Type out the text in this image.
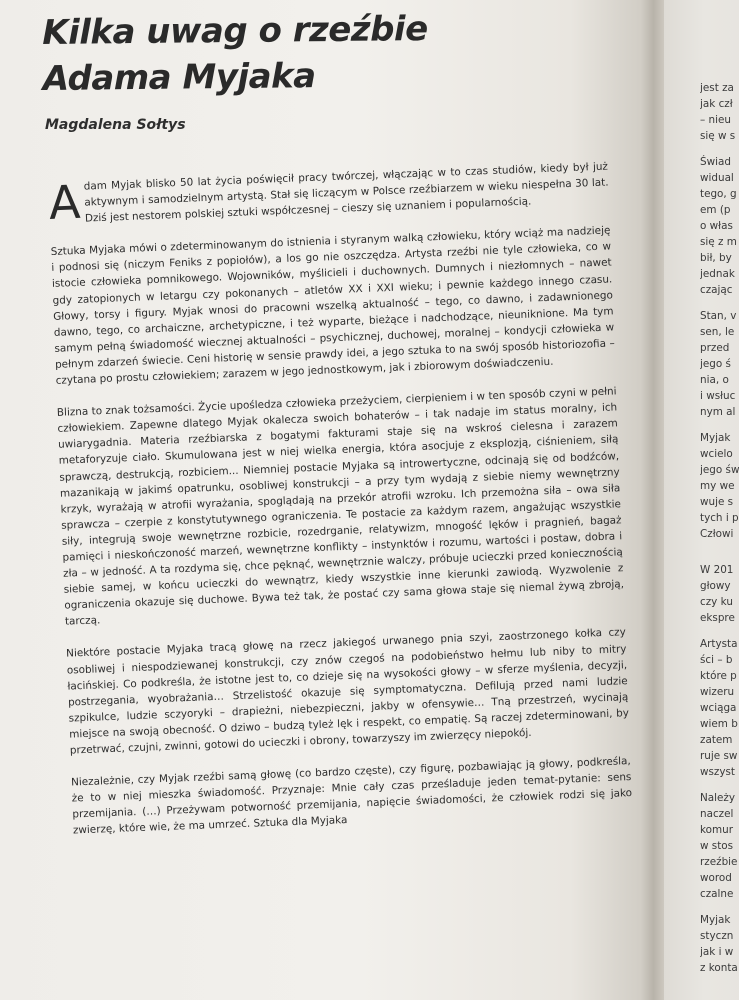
Kilka uwag o rzeźbie
Adama Myjaka

Magdalena Sołtys

Adam Myjak blisko 50 lat życia poświęcił pracy twórczej, włączając w to czas studiów, kiedy był już aktywnym i samodzielnym artystą. Stał się liczącym w Polsce rzeźbiarzem w wieku niespełna 30 lat. Dziś jest nestorem polskiej sztuki współczesnej – cieszy się uznaniem i popularnością.

Sztuka Myjaka mówi o zdeterminowanym do istnienia i styranym walką człowieku, który wciąż ma nadzieję i podnosi się (niczym Feniks z popiołów), a los go nie oszczędza. Artysta rzeźbi nie tyle człowieka, co w istocie człowieka pomnikowego. Wojowników, myślicieli i duchownych. Dumnych i niezłomnych – nawet gdy zatopionych w letargu czy pokonanych – atletów XX i XXI wieku; i pewnie każdego innego czasu. Głowy, torsy i figury. Myjak wnosi do pracowni wszelką aktualność – tego, co dawno, i zadawnionego dawno, tego, co archaiczne, archetypiczne, i też wyparte, bieżące i nadchodzące, nieuniknione. Ma tym samym pełną świadomość wiecznej aktualności – psychicznej, duchowej, moralnej – kondycji człowieka w pełnym zdarzeń świecie. Ceni historię w sensie prawdy idei, a jego sztuka to na swój sposób historiozofia – czytana po prostu człowiekiem; zarazem w jego jednostkowym, jak i zbiorowym doświadczeniu.

Blizna to znak tożsamości. Życie upośledza człowieka przeżyciem, cierpieniem i w ten sposób czyni w pełni człowiekiem. Zapewne dlatego Myjak okalecza swoich bohaterów – i tak nadaje im status moralny, ich uwiarygadnia. Materia rzeźbiarska z bogatymi fakturami staje się na wskroś cielesna i zarazem metaforyzuje ciało. Skumulowana jest w niej wielka energia, która asocjuje z eksplozją, ciśnieniem, siłą sprawczą, destrukcją, rozbiciem... Niemniej postacie Myjaka są introwertyczne, odcinają się od bodźców, mazanikają w jakimś opatrunku, osobliwej konstrukcji – a przy tym wydają z siebie niemy wewnętrzny krzyk, wyrażają w atrofii wyrażania, spoglądają na przekór atrofii wzroku. Ich przemożna siła – owa siła sprawcza – czerpie z konstytutywnego ograniczenia. Te postacie za każdym razem, angażując wszystkie siły, integrują swoje wewnętrzne rozbicie, rozedrganie, relatywizm, mnogość lęków i pragnień, bagaż pamięci i nieskończoność marzeń, wewnętrzne konflikty – instynktów i rozumu, wartości i postaw, dobra i zła – w jedność. A ta rozdyma się, chce pęknąć, wewnętrznie walczy, próbuje ucieczki przed koniecznością siebie samej, w końcu ucieczki do wewnątrz, kiedy wszystkie inne kierunki zawiodą. Wyzwolenie z ograniczenia okazuje się duchowe. Bywa też tak, że postać czy sama głowa staje się niemal żywą zbroją, tarczą.

Niektóre postacie Myjaka tracą głowę na rzecz jakiegoś urwanego pnia szyi, zaostrzonego kołka czy osobliwej i niespodziewanej konstrukcji, czy znów czegoś na podobieństwo hełmu lub niby to mitry łacińskiej. Co podkreśla, że istotne jest to, co dzieje się na wysokości głowy – w sferze myślenia, decyzji, postrzegania, wyobrażania… Strzelistość okazuje się symptomatyczna. Defilują przed nami ludzie szpikulce, ludzie sczyoryki – drapieżni, niebezpieczni, jakby w ofensywie… Tną przestrzeń, wycinają miejsce na swoją obecność. O dziwo – budzą tyleż lęk i respekt, co empatię. Są raczej zdeterminowani, by przetrwać, czujni, zwinni, gotowi do ucieczki i obrony, towarzyszy im zwierzęcy niepokój.

Niezależnie, czy Myjak rzeźbi samą głowę (co bardzo częste), czy figurę, pozbawiając ją głowy, podkreśla, że to w niej mieszka świadomość. Przyznaje: Mnie cały czas prześladuje jeden temat-pytanie: sens przemijania. (…) Przeżywam potworność przemijania, napięcie świadomości, że człowiek rodzi się jako zwierzę, które wie, że ma umrzeć. Sztuka dla Myjaka

jest za
jak czł
– nieu
się w s
Świad
widual
tego, g
em (p
o włas
się z m
bił, by
jednak
czając
Stan, v
sen, le
przed
jego ś
nia, o
i wsłuc
nym al
Myjak
wcielo
jego św
my we
wuje s
tych i p
Człowi
W 201
głowy
czy ku
ekspre
Artysta
ści – b
które p
wizeru
wciąga
wiem b
zatem
ruje sw
wszyst
Należy
naczel
komur
w stos
rzeźbie
worod
czalne
Myjak
styczn
jak i w
z konta
